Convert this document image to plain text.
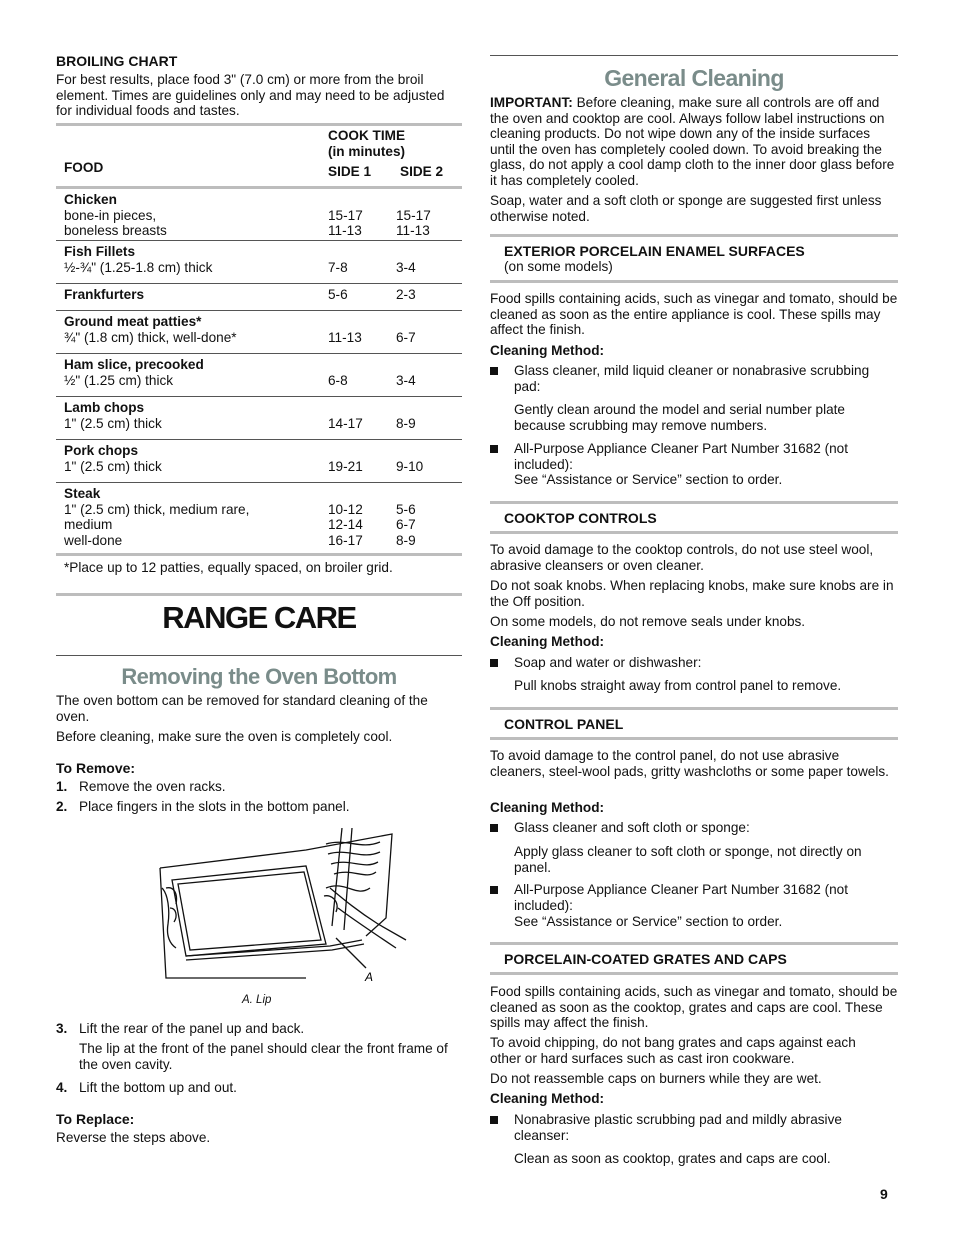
BROILING CHART

For best results, place food 3" (7.0 cm) or more from the broil element. Times are guidelines only and may need to be adjusted for individual foods and tastes.

FOOD
COOK TIME
(in minutes)
SIDE 1 SIDE 2
Chicken
bone-in pieces,	15-17 15-17
boneless breasts	11-13	11-13
Fish Fillets
½-¾" (1.25-1.8 cm) thick	7-8	3-4
Frankfurters	5-6	2-3
Ground meat patties*
¾" (1.8 cm) thick, well-done*	11-13	6-7
Ham slice, precooked
½" (1.25 cm) thick	6-8	3-4
Lamb chops
1" (2.5 cm) thick	14-17 8-9
Pork chops
1" (2.5 cm) thick	19-21 9-10
Steak
1" (2.5 cm) thick, medium rare,	10-12 5-6
medium	12-14 6-7
well-done	16-17 8-9

*Place up to 12 patties, equally spaced, on broiler grid.

RANGE CARE
Removing the Oven Bottom

The oven bottom can be removed for standard cleaning of the oven.

Before cleaning, make sure the oven is completely cool.

To Remove:

1. Remove the oven racks.

2. Place fingers in the slots in the bottom panel.

A
A. Lip

3. Lift the rear of the panel up and back.

The lip at the front of the panel should clear the front frame of the oven cavity.

4. Lift the bottom up and out.

To Replace:

Reverse the steps above.

General Cleaning

IMPORTANT: Before cleaning, make sure all controls are off and the oven and cooktop are cool. Always follow label instructions on cleaning products. Do not wipe down any of the inside surfaces until the oven has completely cooled down. To avoid breaking the glass, do not apply a cool damp cloth to the inner door glass before it has completely cooled.

Soap, water and a soft cloth or sponge are suggested first unless otherwise noted.

EXTERIOR PORCELAIN ENAMEL SURFACES
(on some models)

Food spills containing acids, such as vinegar and tomato, should be cleaned as soon as the entire appliance is cool. These spills may affect the finish.

Cleaning Method:

Glass cleaner, mild liquid cleaner or nonabrasive scrubbing pad:

Gently clean around the model and serial number plate because scrubbing may remove numbers.

All-Purpose Appliance Cleaner Part Number 31682 (not included):

See “Assistance or Service” section to order.

COOKTOP CONTROLS

To avoid damage to the cooktop controls, do not use steel wool, abrasive cleansers or oven cleaner.

Do not soak knobs. When replacing knobs, make sure knobs are in the Off position.

On some models, do not remove seals under knobs.

Cleaning Method:

Soap and water or dishwasher:

Pull knobs straight away from control panel to remove.

CONTROL PANEL

To avoid damage to the control panel, do not use abrasive cleaners, steel-wool pads, gritty washcloths or some paper towels.

Cleaning Method:

Glass cleaner and soft cloth or sponge:

Apply glass cleaner to soft cloth or sponge, not directly on panel.

All-Purpose Appliance Cleaner Part Number 31682 (not included):

See “Assistance or Service” section to order.

PORCELAIN-COATED GRATES AND CAPS

Food spills containing acids, such as vinegar and tomato, should be cleaned as soon as the cooktop, grates and caps are cool. These spills may affect the finish.

To avoid chipping, do not bang grates and caps against each other or hard surfaces such as cast iron cookware.

Do not reassemble caps on burners while they are wet.

Cleaning Method:

Nonabrasive plastic scrubbing pad and mildly abrasive cleanser:

Clean as soon as cooktop, grates and caps are cool.

9
